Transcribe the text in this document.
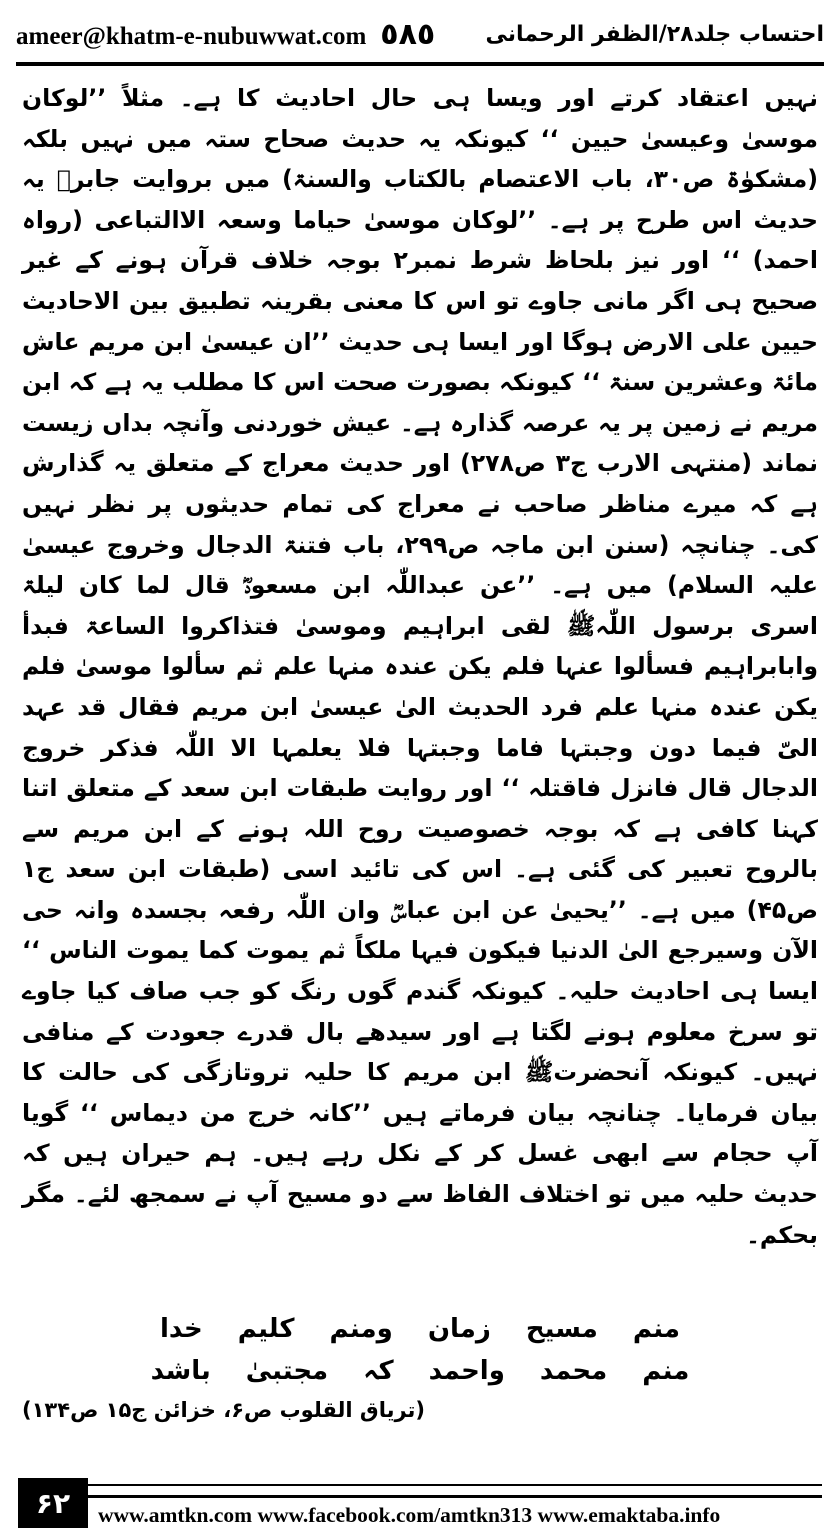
ameer@khatm-e-nubuwwat.com ٥٨٥ احتساب جلد۲۸/الظفر الرحمانی

نہیں اعتقاد کرتے اور ویسا ہی حال احادیث کا ہے۔ مثلاً ’’لوکان موسیٰ وعیسیٰ حیین ‘‘ کیونکہ یہ حدیث صحاح ستہ میں نہیں بلکہ (مشکوٰۃ ص۳۰، باب الاعتصام بالکتاب والسنۃ) میں بروایت جابرؓ یہ حدیث اس طرح پر ہے۔ ’’لوکان موسیٰ حیاما وسعہ الاالتباعی (رواہ احمد) ‘‘ اور نیز بلحاظ شرط نمبر۲ بوجہ خلاف قرآن ہونے کے غیر صحیح ہی اگر مانی جاوے تو اس کا معنی بقرینہ تطبیق بین الاحادیث حیین علی الارض ہوگا اور ایسا ہی حدیث ’’ان عیسیٰ ابن مریم عاش مائۃ وعشرین سنۃ ‘‘ کیونکہ بصورت صحت اس کا مطلب یہ ہے کہ ابن مریم نے زمین پر یہ عرصہ گذارہ ہے۔ عیش خوردنی وآنچہ بداں زیست نماند (منتہی الارب ج۳ ص۲۷۸) اور حدیث معراج کے متعلق یہ گذارش ہے کہ میرے مناظر صاحب نے معراج کی تمام حدیثوں پر نظر نہیں کی۔ چنانچہ (سنن ابن ماجہ ص۲۹۹، باب فتنۃ الدجال وخروج عیسیٰ علیہ السلام) میں ہے۔ ’’عن عبداللّٰہ ابن مسعودؓ قال لما کان لیلۃ اسری برسول اللّٰہﷺ لقی ابراہیم وموسیٰ فتذاکروا الساعۃ فبدأ وابابراہیم فسألوا عنہا فلم یکن عندہ منہا علم ثم سألوا موسیٰ فلم یکن عندہ منہا علم فرد الحدیث الیٰ عیسیٰ ابن مریم فقال قد عہد الیّ فیما دون وجبتہا فاما وجبتہا فلا یعلمہا الا اللّٰہ فذکر خروج الدجال قال فانزل فاقتلہ ‘‘ اور روایت طبقات ابن سعد کے متعلق اتنا کہنا کافی ہے کہ بوجہ خصوصیت روح اللہ ہونے کے ابن مریم سے بالروح تعبیر کی گئی ہے۔ اس کی تائید اسی (طبقات ابن سعد ج۱ ص۴۵) میں ہے۔ ’’یحییٰ عن ابن عباسؓ وان اللّٰہ رفعہ بجسدہ وانہ حی الآن وسیرجع الیٰ الدنیا فیکون فیہا ملکاً ثم یموت کما یموت الناس ‘‘ ایسا ہی احادیث حلیہ۔ کیونکہ گندم گوں رنگ کو جب صاف کیا جاوے تو سرخ معلوم ہونے لگتا ہے اور سیدھے بال قدرے جعودت کے منافی نہیں۔ کیونکہ آنحضرتﷺ ابن مریم کا حلیہ تروتازگی کی حالت کا بیان فرمایا۔ چنانچہ بیان فرماتے ہیں ’’کانہ خرج من دیماس ‘‘ گویا آپ حجام سے ابھی غسل کر کے نکل رہے ہیں۔ ہم حیران ہیں کہ حدیث حلیہ میں تو اختلاف الفاظ سے دو مسیح آپ نے سمجھ لئے۔ مگر بحکم۔

منم مسیح زمان ومنم کلیم خدا
منم محمد واحمد کہ مجتبیٰ باشد
(تریاق القلوب ص۶، خزائن ج۱۵ ص۱۳۴)
۶۲	www.amtkn.com www.facebook.com/amtkn313 www.emaktaba.info
